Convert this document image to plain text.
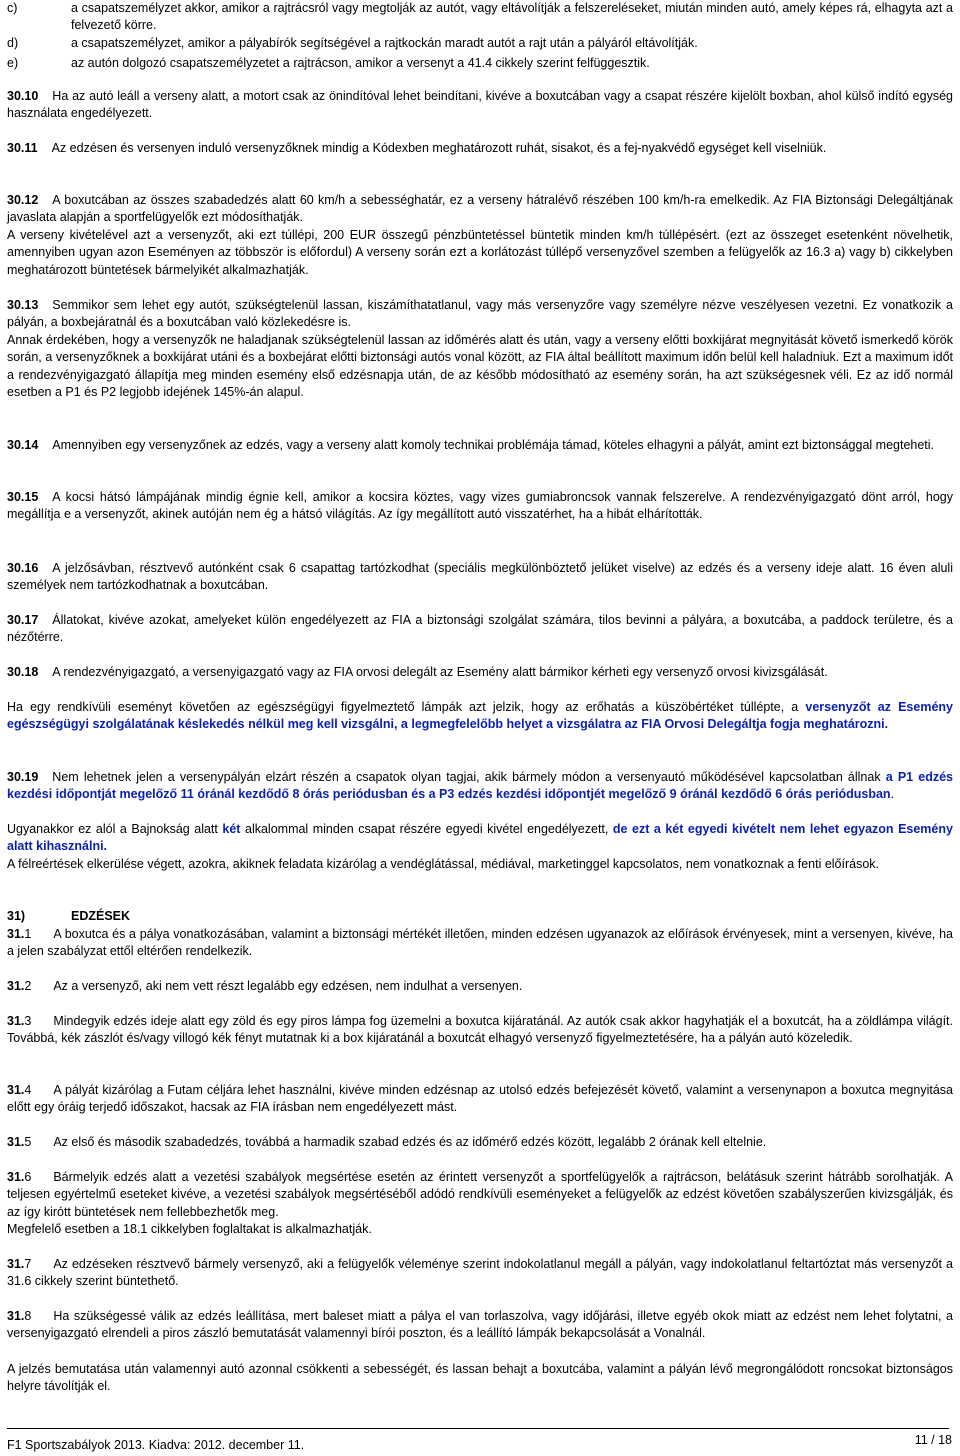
c)	a csapatszemélyzet akkor, amikor a rajtrácsról vagy megtolják az autót, vagy eltávolítják a felszereléseket, miután minden autó, amely képes rá, elhagyta azt a felvezető körre.
d)	a csapatszemélyzet, amikor a pályabírók segítségével a rajtkockán maradt autót a rajt után a pályáról eltávolítják.
e)	az autón dolgozó csapatszemélyzetet a rajtrácson, amikor a versenyt a 41.4 cikkely szerint felfüggesztik.

30.10 Ha az autó leáll a verseny alatt, a motort csak az önindítóval lehet beindítani, kivéve a boxutcában vagy a csapat részére kijelölt boxban, ahol külső indító egység használata engedélyezett.

30.11 Az edzésen és versenyen induló versenyzőknek mindig a Kódexben meghatározott ruhát, sisakot, és a fej-nyakvédő egységet kell viselniük.

30.12 A boxutcában az összes szabadedzés alatt 60 km/h a sebességhatár, ez a verseny hátralévő részében 100 km/h-ra emelkedik. Az FIA Biztonsági Delegáltjának javaslata alapján a sportfelügyelők ezt módosíthatják.

A verseny kivételével azt a versenyzőt, aki ezt túllépi, 200 EUR összegű pénzbüntetéssel büntetik minden km/h túllépésért. (ezt az összeget esetenként növelhetik, amennyiben ugyan azon Eseményen az többször is előfordul) A verseny során ezt a korlátozást túllépő versenyzővel szemben a felügyelők az 16.3 a) vagy b) cikkelyben meghatározott büntetések bármelyikét alkalmazhatják.

30.13 Semmikor sem lehet egy autót, szükségtelenül lassan, kiszámíthatatlanul, vagy más versenyzőre vagy személyre nézve veszélyesen vezetni. Ez vonatkozik a pályán, a boxbejáratnál és a boxutcában való közlekedésre is.

Annak érdekében, hogy a versenyzők ne haladjanak szükségtelenül lassan az időmérés alatt és után, vagy a verseny előtti boxkijárat megnyitását követő ismerkedő körök során, a versenyzőknek a boxkijárat utáni és a boxbejárat előtti biztonsági autós vonal között, az FIA által beállított maximum időn belül kell haladniuk. Ezt a maximum időt a rendezvényigazgató állapítja meg minden esemény első edzésnapja után, de az később módosítható az esemény során, ha azt szükségesnek véli. Ez az idő normál esetben a P1 és P2 legjobb idejének 145%-án alapul.

30.14 Amennyiben egy versenyzőnek az edzés, vagy a verseny alatt komoly technikai problémája támad, köteles elhagyni a pályát, amint ezt biztonsággal megteheti.

30.15 A kocsi hátsó lámpájának mindig égnie kell, amikor a kocsira köztes, vagy vizes gumiabroncsok vannak felszerelve. A rendezvényigazgató dönt arról, hogy megállítja e a versenyzőt, akinek autóján nem ég a hátsó világítás. Az így megállított autó visszatérhet, ha a hibát elhárították.

30.16 A jelzősávban, résztvevő autónként csak 6 csapattag tartózkodhat (speciális megkülönböztető jelüket viselve) az edzés és a verseny ideje alatt. 16 éven aluli személyek nem tartózkodhatnak a boxutcában.

30.17 Állatokat, kivéve azokat, amelyeket külön engedélyezett az FIA a biztonsági szolgálat számára, tilos bevinni a pályára, a boxutcába, a paddock területre, és a nézőtérre.

30.18 A rendezvényigazgató, a versenyigazgató vagy az FIA orvosi delegált az Esemény alatt bármikor kérheti egy versenyző orvosi kivizsgálását.

Ha egy rendkívüli eseményt követően az egészségügyi figyelmeztető lámpák azt jelzik, hogy az erőhatás a küszöbértéket túllépte, a versenyzőt az Esemény egészségügyi szolgálatának késlekedés nélkül meg kell vizsgálni, a legmegfelelőbb helyet a vizsgálatra az FIA Orvosi Delegáltja fogja meghatározni.

30.19 Nem lehetnek jelen a versenypályán elzárt részén a csapatok olyan tagjai, akik bármely módon a versenyautó működésével kapcsolatban állnak a P1 edzés kezdési időpontját megelőző 11 óránál kezdődő 8 órás periódusban és a P3 edzés kezdési időpontjét megelőző 9 óránál kezdődő 6 órás periódusban.

Ugyanakkor ez alól a Bajnokság alatt két alkalommal minden csapat részére egyedi kivétel engedélyezett, de ezt a két egyedi kivételt nem lehet egyazon Esemény alatt kihasználni.

A félreértések elkerülése végett, azokra, akiknek feladata kizárólag a vendéglátással, médiával, marketinggel kapcsolatos, nem vonatkoznak a fenti előírások.

31)	EDZÉSEK

31.1 A boxutca és a pálya vonatkozásában, valamint a biztonsági mértékét illetően, minden edzésen ugyanazok az előírások érvényesek, mint a versenyen, kivéve, ha a jelen szabályzat ettől eltérően rendelkezik.

31.2 Az a versenyző, aki nem vett részt legalább egy edzésen, nem indulhat a versenyen.

31.3 Mindegyik edzés ideje alatt egy zöld és egy piros lámpa fog üzemelni a boxutca kijáratánál. Az autók csak akkor hagyhatják el a boxutcát, ha a zöldlámpa világít. Továbbá, kék zászlót és/vagy villogó kék fényt mutatnak ki a box kijáratánál a boxutcát elhagyó versenyző figyelmeztetésére, ha a pályán autó közeledik.

31.4 A pályát kizárólag a Futam céljára lehet használni, kivéve minden edzésnap az utolsó edzés befejezését követő, valamint a versenynapon a boxutca megnyitása előtt egy óráig terjedő időszakot, hacsak az FIA írásban nem engedélyezett mást.

31.5 Az első és második szabadedzés, továbbá a harmadik szabad edzés és az időmérő edzés között, legalább 2 órának kell eltelnie.

31.6 Bármelyik edzés alatt a vezetési szabályok megsértése esetén az érintett versenyzőt a sportfelügyelők a rajtrácson, belátásuk szerint hátrább sorolhatják. A teljesen egyértelmű eseteket kivéve, a vezetési szabályok megsértéséből adódó rendkívüli eseményeket a felügyelők az edzést követően szabályszerűen kivizsgálják, és az így kirótt büntetések nem fellebbezhetők meg.

Megfelelő esetben a 18.1 cikkelyben foglaltakat is alkalmazhatják.

31.7 Az edzéseken résztvevő bármely versenyző, aki a felügyelők véleménye szerint indokolatlanul megáll a pályán, vagy indokolatlanul feltartóztat más versenyzőt a 31.6 cikkely szerint büntethető.

31.8 Ha szükségessé válik az edzés leállítása, mert baleset miatt a pálya el van torlaszolva, vagy időjárási, illetve egyéb okok miatt az edzést nem lehet folytatni, a versenyigazgató elrendeli a piros zászló bemutatását valamennyi bírói poszton, és a leállító lámpák bekapcsolását a Vonalnál.

A jelzés bemutatása után valamennyi autó azonnal csökkenti a sebességét, és lassan behajt a boxutcába, valamint a pályán lévő megrongálódott roncsokat biztonságos helyre távolítják el.

F1 Sportszabályok 2013. Kiadva: 2012. december 11.	11 / 18
